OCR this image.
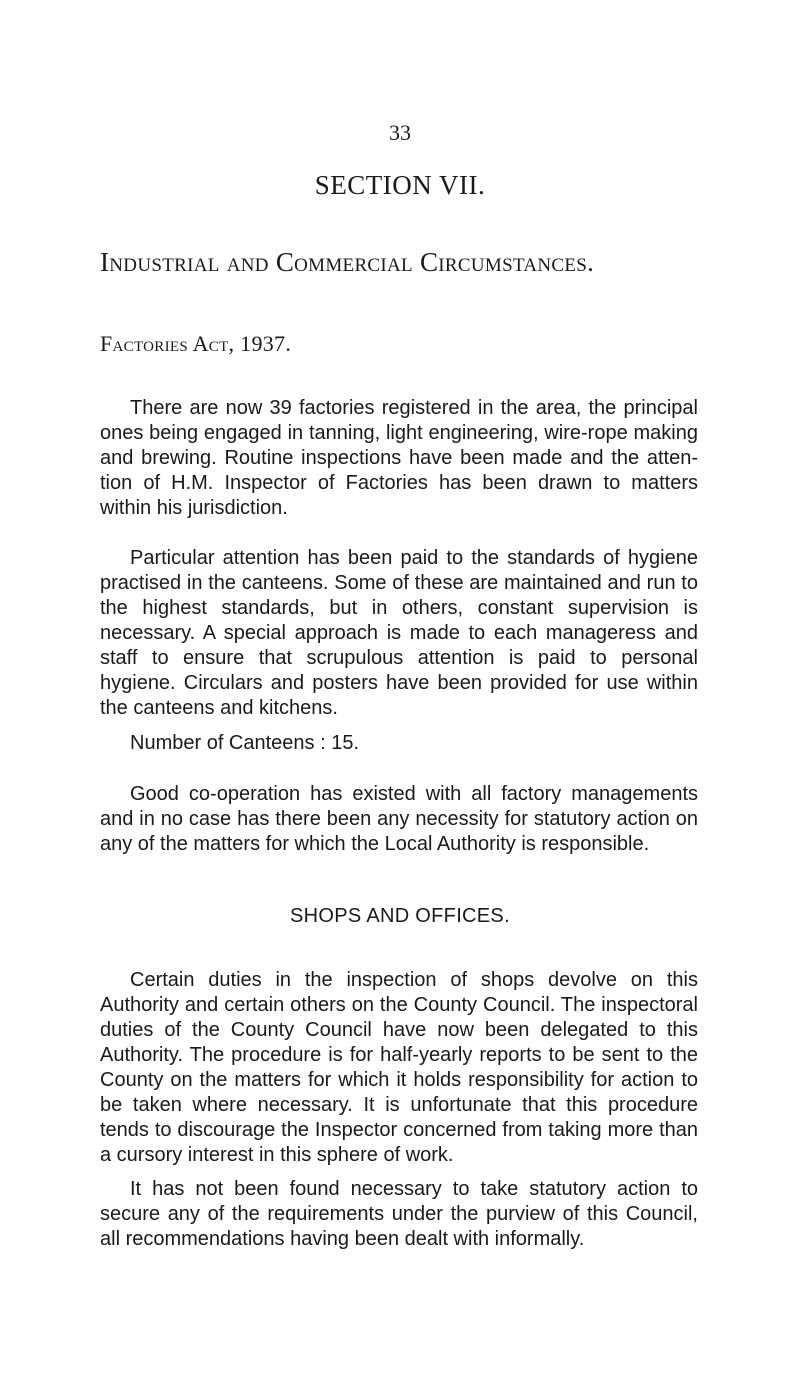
33
SECTION VII.
Industrial and Commercial Circumstances.
Factories Act, 1937.

There are now 39 factories registered in the area, the principal ones being engaged in tanning, light engineering, wire-rope making and brewing. Routine inspections have been made and the attention of H.M. Inspector of Factories has been drawn to matters within his jurisdiction.

Particular attention has been paid to the standards of hygiene practised in the canteens. Some of these are maintained and run to the highest standards, but in others, constant supervision is necessary. A special approach is made to each manageress and staff to ensure that scrupulous attention is paid to personal hygiene. Circulars and posters have been provided for use within the canteens and kitchens.

Number of Canteens : 15.

Good co-operation has existed with all factory managements and in no case has there been any necessity for statutory action on any of the matters for which the Local Authority is responsible.

SHOPS AND OFFICES.

Certain duties in the inspection of shops devolve on this Authority and certain others on the County Council. The inspectoral duties of the County Council have now been delegated to this Authority. The procedure is for half-yearly reports to be sent to the County on the matters for which it holds responsibility for action to be taken where necessary. It is unfortunate that this procedure tends to discourage the Inspector concerned from taking more than a cursory interest in this sphere of work.

It has not been found necessary to take statutory action to secure any of the requirements under the purview of this Council, all recommendations having been dealt with informally.
